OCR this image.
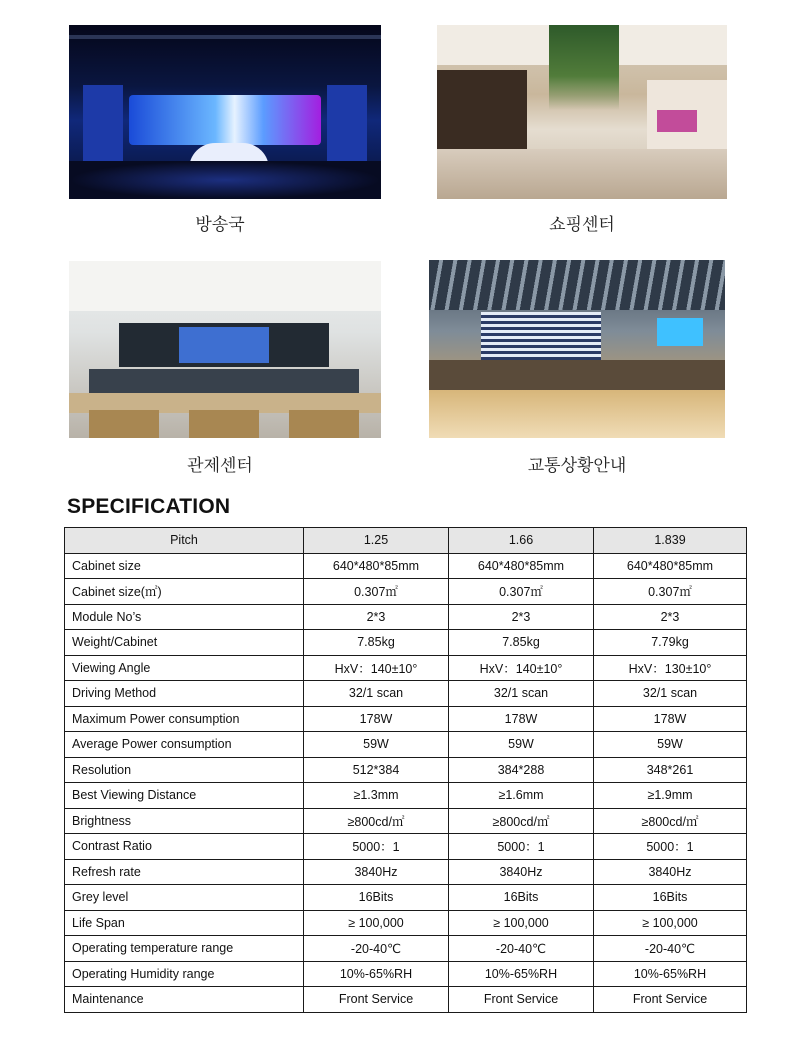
방송국	쇼핑센터
관제센터	교통상황안내
SPECIFICATION
Pitch	1.25	1.66	1.839
Cabinet size	640*480*85mm	640*480*85mm	640*480*85mm
Cabinet size(㎡)	0.307㎡	0.307㎡	0.307㎡
Module No’s	2*3	2*3	2*3
Weight/Cabinet	7.85kg	7.85kg	7.79kg
Viewing Angle	HxV：140±10°	HxV：140±10°	HxV：130±10°
Driving Method	32/1 scan	32/1 scan	32/1 scan
Maximum Power consumption	178W	178W	178W
Average Power consumption	59W	59W	59W
Resolution	512*384	384*288	348*261
Best Viewing Distance	≥1.3mm	≥1.6mm	≥1.9mm
Brightness	≥800cd/㎡	≥800cd/㎡	≥800cd/㎡
Contrast Ratio	5000：1	5000：1	5000：1
Refresh rate	3840Hz	3840Hz	3840Hz
Grey level	16Bits	16Bits	16Bits
Life Span	≥ 100,000	≥ 100,000	≥ 100,000
Operating temperature range	-20-40℃	-20-40℃	-20-40℃
Operating Humidity range	10%-65%RH	10%-65%RH	10%-65%RH
Maintenance	Front Service	Front Service	Front Service
